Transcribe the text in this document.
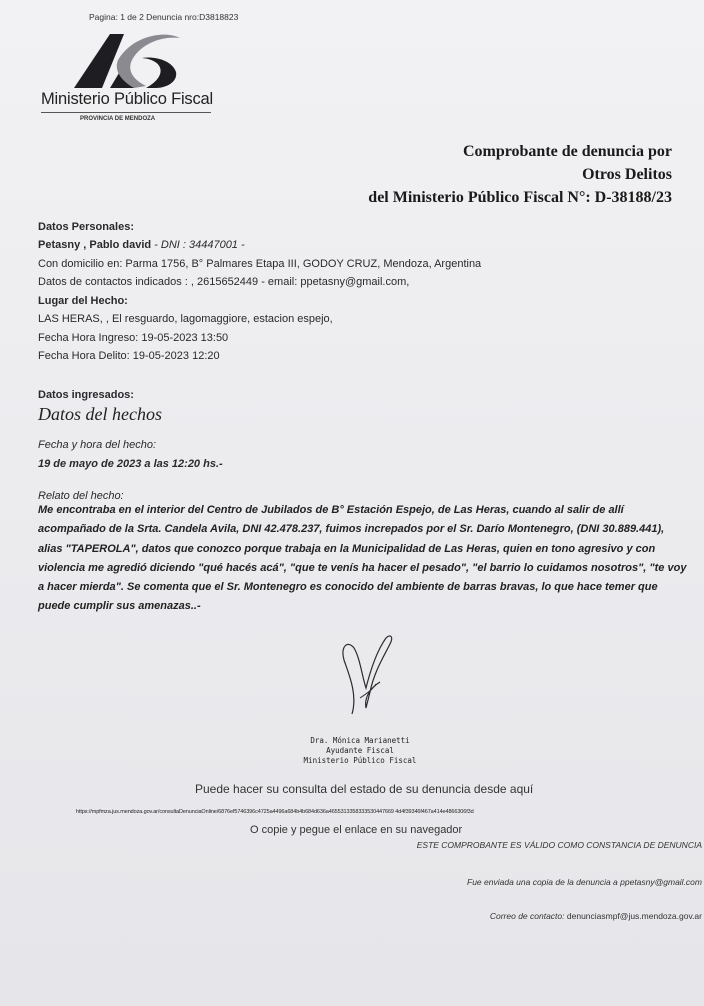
Pagina: 1 de 2 Denuncia nro:D3818823
Ministerio Público Fiscal
PROVINCIA DE MENDOZA
Comprobante de denuncia por
Otros Delitos
del Ministerio Público Fiscal N°: D-38188/23
Datos Personales:
Petasny , Pablo david - DNI : 34447001 -
Con domicilio en: Parma 1756, B° Palmares Etapa III, GODOY CRUZ, Mendoza, Argentina
Datos de contactos indicados : , 2615652449 - email: ppetasny@gmail.com,
Lugar del Hecho:
LAS HERAS, , El resguardo, lagomaggiore, estacion espejo,
Fecha Hora Ingreso: 19-05-2023 13:50
Fecha Hora Delito: 19-05-2023 12:20
Datos ingresados:
Datos del hechos
Fecha y hora del hecho:
19 de mayo de 2023 a las 12:20 hs.-
Relato del hecho:
Me encontraba en el interior del Centro de Jubilados de B° Estación Espejo, de Las Heras, cuando al salir de allí acompañado de la Srta. Candela Avila, DNI 42.478.237, fuimos increpados por el Sr. Darío Montenegro, (DNI 30.889.441), alias "TAPEROLA", datos que conozco porque trabaja en la Municipalidad de Las Heras, quien en tono agresivo y con violencia me agredió diciendo "qué hacés acá", "que te venís ha hacer el pesado", "el barrio lo cuidamos nosotros", "te voy a hacer mierda". Se comenta que el Sr. Montenegro es conocido del ambiente de barras bravas, lo que hace temer que puede cumplir sus amenazas..-
Dra. Mónica Marianetti
Ayudante Fiscal
Ministerio Público Fiscal
Puede hacer su consulta del estado de su denuncia desde aquí
https://mpfmza.jus.mendoza.gov.ar/consultaDenunciaOnline/6876ef5746396c4725a4496a684b4b684d636a4655313358333530447669 4d4f39346f467a414e4866306f3d
O copie y pegue el enlace en su navegador
ESTE COMPROBANTE ES VÁLIDO COMO CONSTANCIA DE DENUNCIA
Fue enviada una copia de la denuncia a ppetasny@gmail.com
Correo de contacto: denunciasmpf@jus.mendoza.gov.ar
